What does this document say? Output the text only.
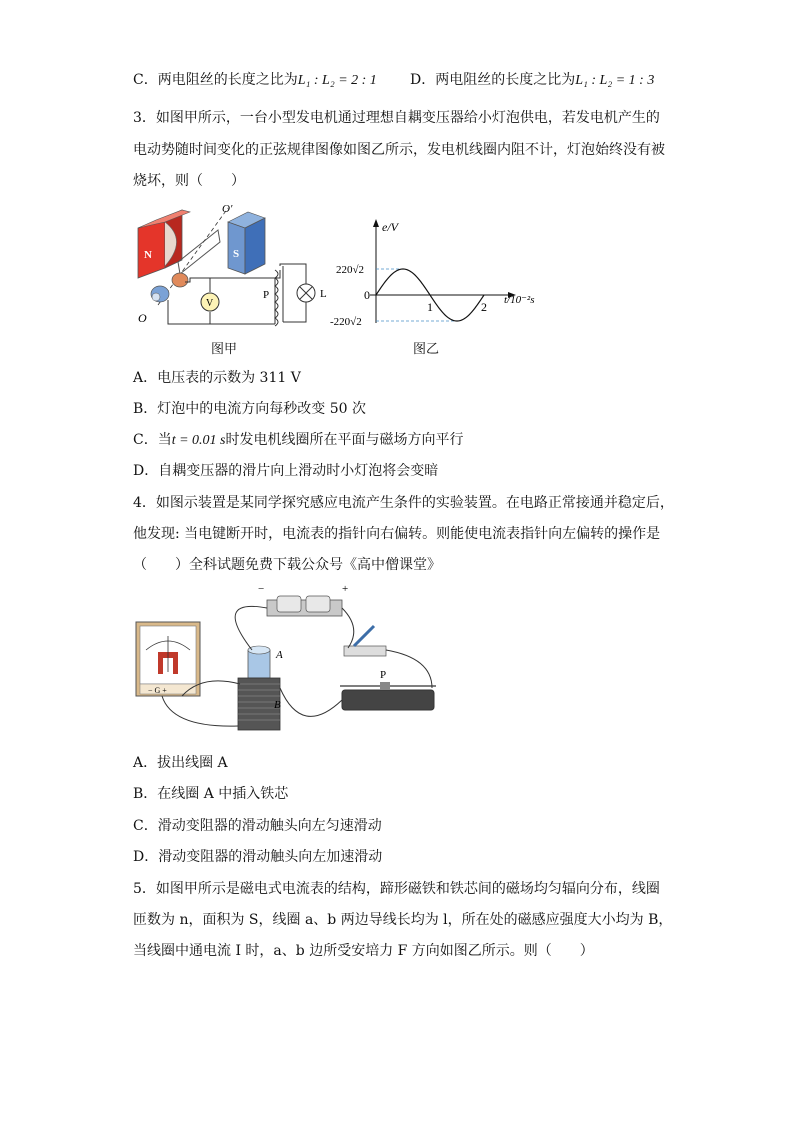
C．两电阻丝的长度之比为L₁ : L₂ = 2 : 1 D．两电阻丝的长度之比为L₁ : L₂ = 1 : 3
3．如图甲所示，一台小型发电机通过理想自耦变压器给小灯泡供电，若发电机产生的
电动势随时间变化的正弦规律图像如图乙所示，发电机线圈内阻不计，灯泡始终没有被
烧坏，则（　　）
N	S
O′
O
V
P	L
图甲
e/V
t/10⁻²s
0
220√2
-220√2
1	2
图乙
A．电压表的示数为 311 V
B．灯泡中的电流方向每秒改变 50 次
C．当t = 0.01 s时发电机线圈所在平面与磁场方向平行
D．自耦变压器的滑片向上滑动时小灯泡将会变暗
4．如图示装置是某同学探究感应电流产生条件的实验装置。在电路正常接通并稳定后，
他发现: 当电键断开时，电流表的指针向右偏转。则能使电流表指针向左偏转的操作是
（　　）全科试题免费下载公众号《高中僧课堂》
− G +
−	+
A
B
P
A．拔出线圈 A
B．在线圈 A 中插入铁芯
C．滑动变阻器的滑动触头向左匀速滑动
D．滑动变阻器的滑动触头向左加速滑动
5．如图甲所示是磁电式电流表的结构，蹄形磁铁和铁芯间的磁场均匀辐向分布，线圈
匝数为 n，面积为 S，线圈 a、b 两边导线长均为 l，所在处的磁感应强度大小均为 B，
当线圈中通电流 I 时，a、b 边所受安培力 F 方向如图乙所示。则（　　）
